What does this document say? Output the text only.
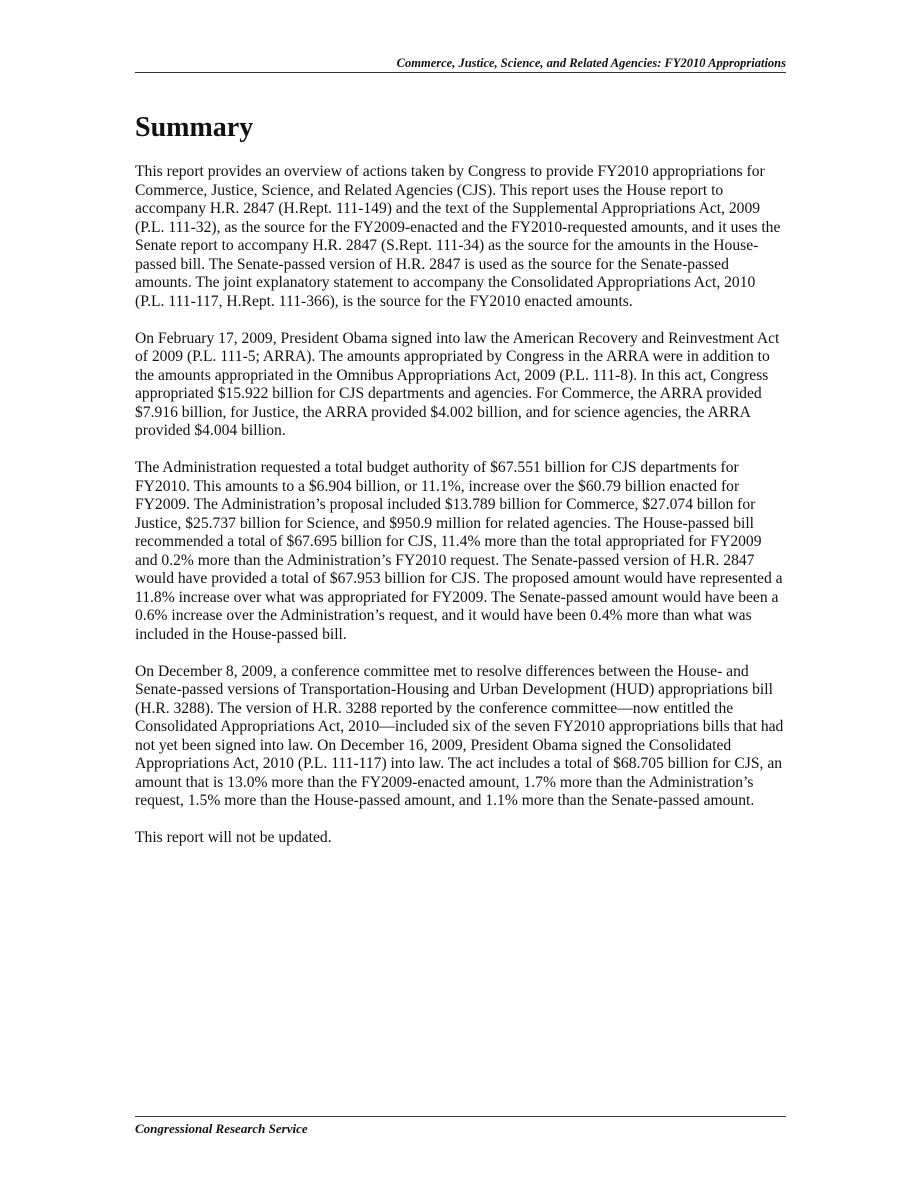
Commerce, Justice, Science, and Related Agencies: FY2010 Appropriations
Summary

This report provides an overview of actions taken by Congress to provide FY2010 appropriations for Commerce, Justice, Science, and Related Agencies (CJS). This report uses the House report to accompany H.R. 2847 (H.Rept. 111-149) and the text of the Supplemental Appropriations Act, 2009 (P.L. 111-32), as the source for the FY2009-enacted and the FY2010-requested amounts, and it uses the Senate report to accompany H.R. 2847 (S.Rept. 111-34) as the source for the amounts in the House-passed bill. The Senate-passed version of H.R. 2847 is used as the source for the Senate-passed amounts. The joint explanatory statement to accompany the Consolidated Appropriations Act, 2010 (P.L. 111-117, H.Rept. 111-366), is the source for the FY2010 enacted amounts.

On February 17, 2009, President Obama signed into law the American Recovery and Reinvestment Act of 2009 (P.L. 111-5; ARRA). The amounts appropriated by Congress in the ARRA were in addition to the amounts appropriated in the Omnibus Appropriations Act, 2009 (P.L. 111-8). In this act, Congress appropriated $15.922 billion for CJS departments and agencies. For Commerce, the ARRA provided $7.916 billion, for Justice, the ARRA provided $4.002 billion, and for science agencies, the ARRA provided $4.004 billion.

The Administration requested a total budget authority of $67.551 billion for CJS departments for FY2010. This amounts to a $6.904 billion, or 11.1%, increase over the $60.79 billion enacted for FY2009. The Administration’s proposal included $13.789 billion for Commerce, $27.074 billon for Justice, $25.737 billion for Science, and $950.9 million for related agencies. The House-passed bill recommended a total of $67.695 billion for CJS, 11.4% more than the total appropriated for FY2009 and 0.2% more than the Administration’s FY2010 request. The Senate-passed version of H.R. 2847 would have provided a total of $67.953 billion for CJS. The proposed amount would have represented a 11.8% increase over what was appropriated for FY2009. The Senate-passed amount would have been a 0.6% increase over the Administration’s request, and it would have been 0.4% more than what was included in the House-passed bill.

On December 8, 2009, a conference committee met to resolve differences between the House- and Senate-passed versions of Transportation-Housing and Urban Development (HUD) appropriations bill (H.R. 3288). The version of H.R. 3288 reported by the conference committee—now entitled the Consolidated Appropriations Act, 2010—included six of the seven FY2010 appropriations bills that had not yet been signed into law. On December 16, 2009, President Obama signed the Consolidated Appropriations Act, 2010 (P.L. 111-117) into law. The act includes a total of $68.705 billion for CJS, an amount that is 13.0% more than the FY2009-enacted amount, 1.7% more than the Administration’s request, 1.5% more than the House-passed amount, and 1.1% more than the Senate-passed amount.

This report will not be updated.

Congressional Research Service
